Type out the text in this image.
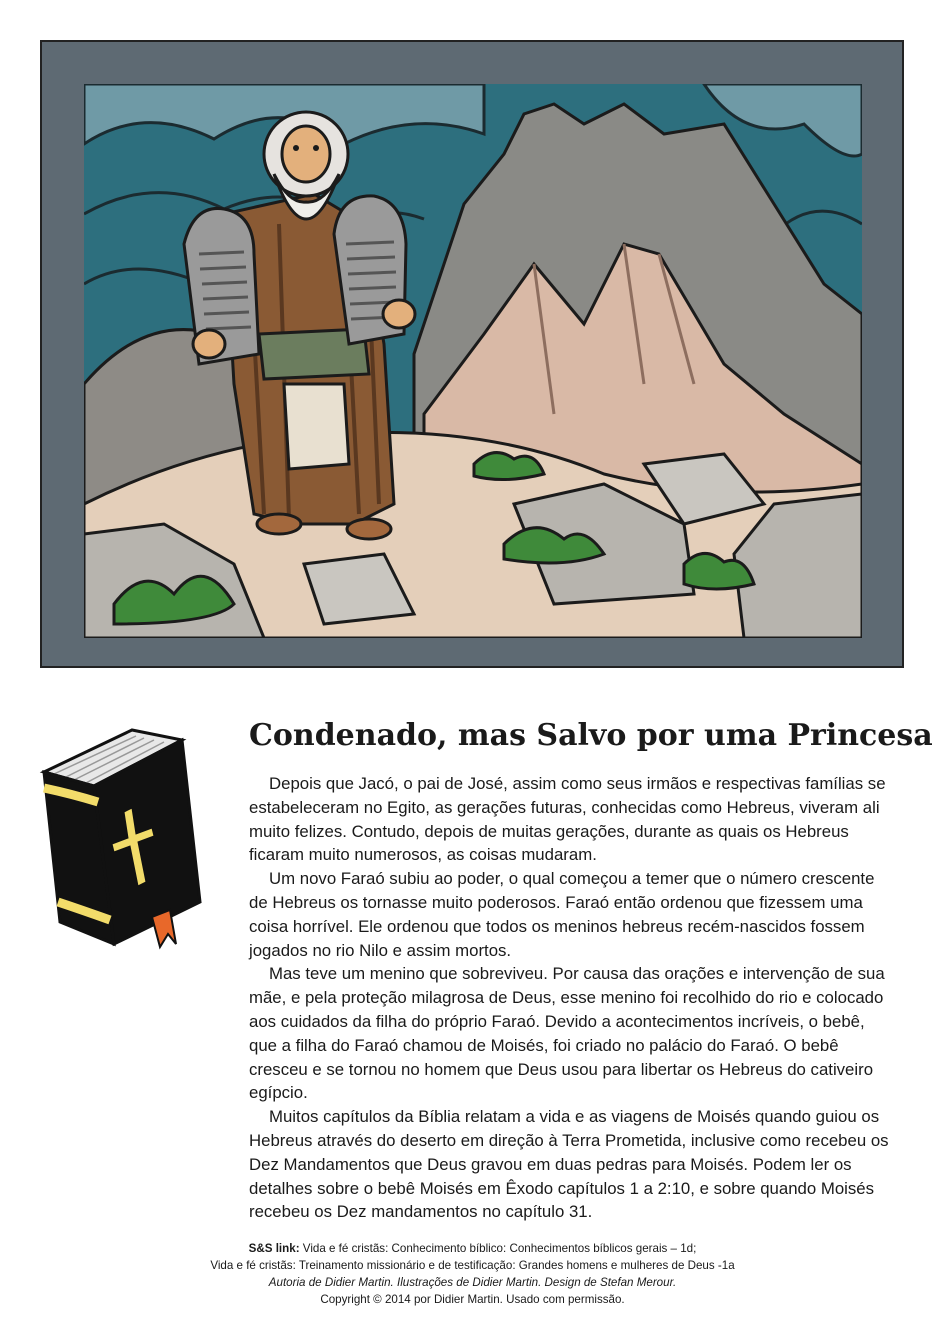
Condenado, mas Salvo por uma Princesa

Depois que Jacó, o pai de José, assim como seus irmãos e respectivas famílias se estabeleceram no Egito, as gerações futuras, conhecidas como Hebreus, viveram ali muito felizes. Contudo, depois de muitas gerações, durante as quais os Hebreus ficaram muito numerosos, as coisas mudaram.

Um novo Faraó subiu ao poder, o qual começou a temer que o número crescente de Hebreus os tornasse muito poderosos. Faraó então ordenou que fizessem uma coisa horrível. Ele ordenou que todos os meninos hebreus recém-nascidos fossem jogados no rio Nilo e assim mortos.

Mas teve um menino que sobreviveu. Por causa das orações e intervenção de sua mãe, e pela proteção milagrosa de Deus, esse menino foi recolhido do rio e colocado aos cuidados da filha do próprio Faraó. Devido a acontecimentos incríveis, o bebê, que a filha do Faraó chamou de Moisés, foi criado no palácio do Faraó. O bebê cresceu e se tornou no homem que Deus usou para libertar os Hebreus do cativeiro egípcio.

Muitos capítulos da Bíblia relatam a vida e as viagens de Moisés quando guiou os Hebreus através do deserto em direção à Terra Prometida, inclusive como recebeu os Dez Mandamentos que Deus gravou em duas pedras para Moisés. Podem ler os detalhes sobre o bebê Moisés em Êxodo capítulos 1 a 2:10, e sobre quando Moisés recebeu os Dez mandamentos no capítulo 31.

S&S link: Vida e fé cristãs: Conhecimento bíblico: Conhecimentos bíblicos gerais – 1d;
Vida e fé cristãs: Treinamento missionário e de testificação: Grandes homens e mulheres de Deus -1a
Autoria de Didier Martin. Ilustrações de Didier Martin. Design de Stefan Merour.
Copyright © 2014 por Didier Martin. Usado com permissão.
